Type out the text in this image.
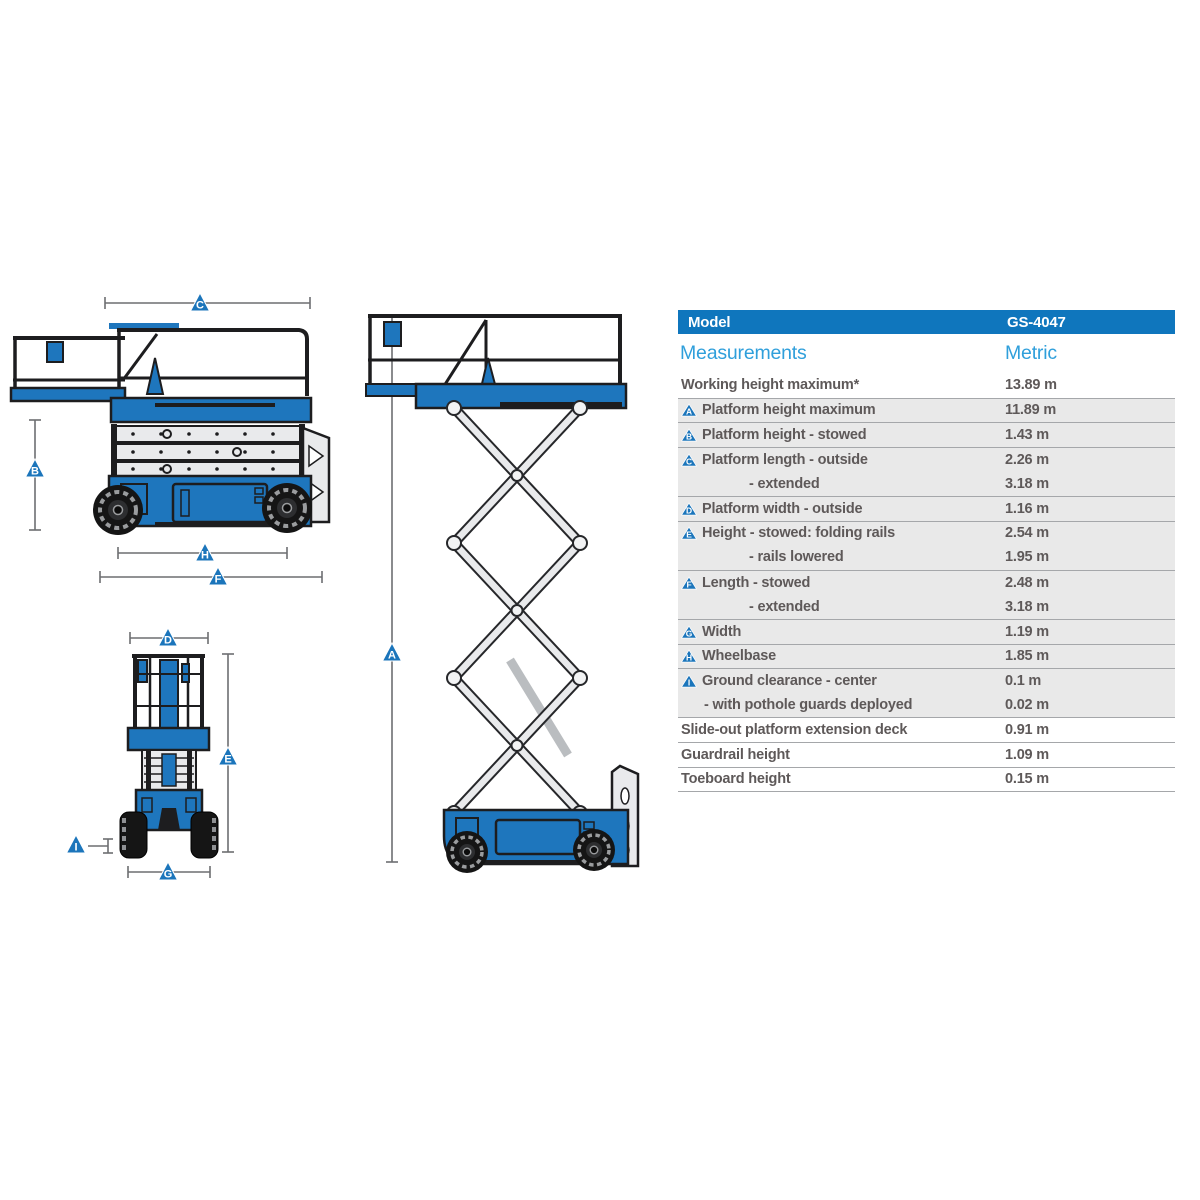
C
B
H
F
D
I
G
E
A
Model	GS-4047
Measurements	Metric
Working height maximum*	13.89 m
A Platform height maximum	11.89 m
B Platform height - stowed	1.43 m
C Platform length - outside	2.26 m
- extended	3.18 m
D Platform width - outside	1.16 m
E Height - stowed: folding rails	2.54 m
- rails lowered	1.95 m
F Length - stowed	2.48 m
- extended	3.18 m
G Width	1.19 m
H Wheelbase	1.85 m
I Ground clearance - center	0.1 m
- with pothole guards deployed	0.02 m
Slide-out platform extension deck	0.91 m
Guardrail height	1.09 m
Toeboard height	0.15 m
